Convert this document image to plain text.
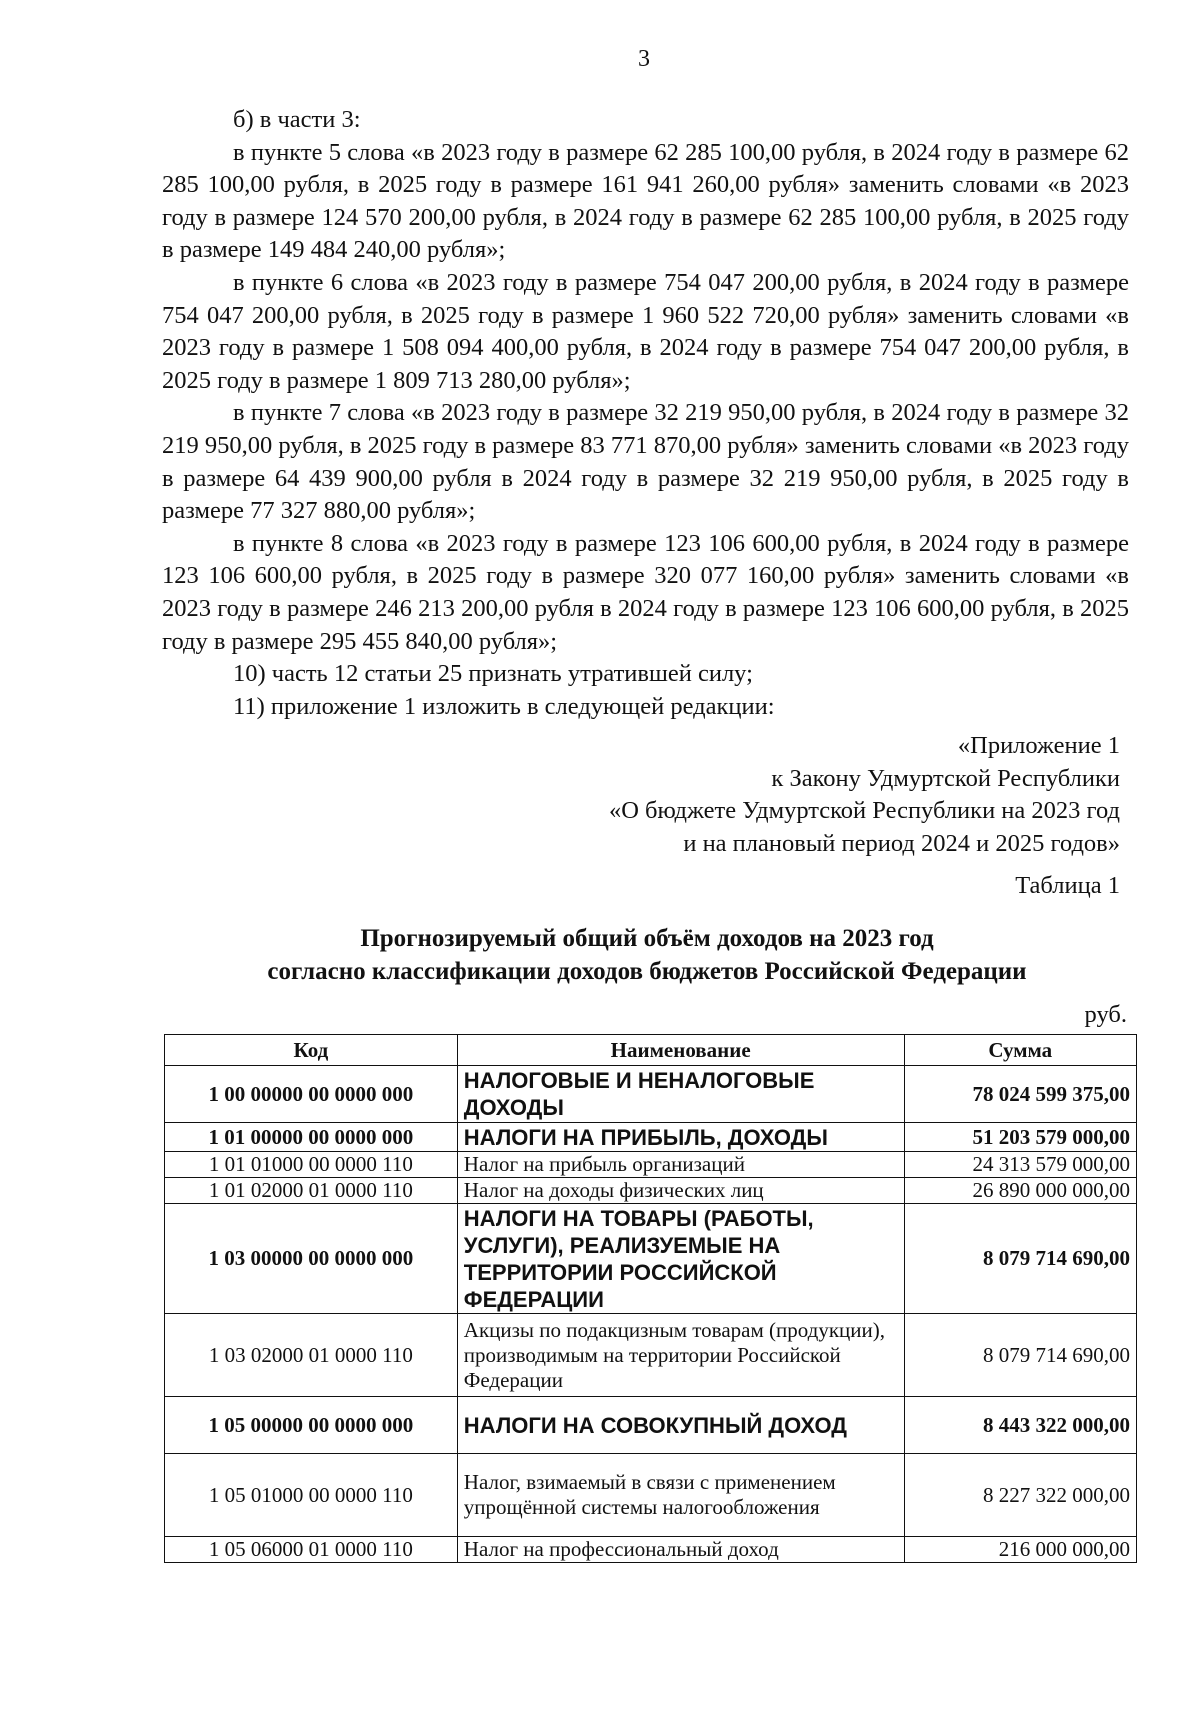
3

б) в части 3:

в пункте 5 слова «в 2023 году в размере 62 285 100,00 рубля, в 2024 году в размере 62 285 100,00 рубля, в 2025 году в размере 161 941 260,00 рубля» заменить словами «в 2023 году в размере 124 570 200,00 рубля, в 2024 году в размере 62 285 100,00 рубля, в 2025 году в размере 149 484 240,00 рубля»;

в пункте 6 слова «в 2023 году в размере 754 047 200,00 рубля, в 2024 году в размере 754 047 200,00 рубля, в 2025 году в размере 1 960 522 720,00 рубля» заменить словами «в 2023 году в размере 1 508 094 400,00 рубля, в 2024 году в размере 754 047 200,00 рубля, в 2025 году в размере 1 809 713 280,00 рубля»;

в пункте 7 слова «в 2023 году в размере 32 219 950,00 рубля, в 2024 году в размере 32 219 950,00 рубля, в 2025 году в размере 83 771 870,00 рубля» заменить словами «в 2023 году в размере 64 439 900,00 рубля в 2024 году в размере 32 219 950,00 рубля, в 2025 году в размере 77 327 880,00 рубля»;

в пункте 8 слова «в 2023 году в размере 123 106 600,00 рубля, в 2024 году в размере 123 106 600,00 рубля, в 2025 году в размере 320 077 160,00 рубля» заменить словами «в 2023 году в размере 246 213 200,00 рубля в 2024 году в размере 123 106 600,00 рубля, в 2025 году в размере 295 455 840,00 рубля»;

10) часть 12 статьи 25 признать утратившей силу;

11) приложение 1 изложить в следующей редакции:

«Приложение 1
к Закону Удмуртской Республики
«О бюджете Удмуртской Республики на 2023 год
и на плановый период 2024 и 2025 годов»
Таблица 1
Прогнозируемый общий объём доходов на 2023 год
согласно классификации доходов бюджетов Российской Федерации
руб.
Код	Наименование	Сумма
1 00 00000 00 0000 000	НАЛОГОВЫЕ И НЕНАЛОГОВЫЕ ДОХОДЫ	78 024 599 375,00
1 01 00000 00 0000 000	НАЛОГИ НА ПРИБЫЛЬ, ДОХОДЫ	51 203 579 000,00
1 01 01000 00 0000 110	Налог на прибыль организаций	24 313 579 000,00
1 01 02000 01 0000 110	Налог на доходы физических лиц	26 890 000 000,00
1 03 00000 00 0000 000	НАЛОГИ НА ТОВАРЫ (РАБОТЫ, УСЛУГИ), РЕАЛИЗУЕМЫЕ НА ТЕРРИТОРИИ РОССИЙСКОЙ ФЕДЕРАЦИИ	8 079 714 690,00
1 03 02000 01 0000 110	Акцизы по подакцизным товарам (продукции), производимым на территории Российской Федерации	8 079 714 690,00
1 05 00000 00 0000 000	НАЛОГИ НА СОВОКУПНЫЙ ДОХОД	8 443 322 000,00
1 05 01000 00 0000 110	Налог, взимаемый в связи с применением упрощённой системы налогообложения	8 227 322 000,00
1 05 06000 01 0000 110	Налог на профессиональный доход	216 000 000,00
